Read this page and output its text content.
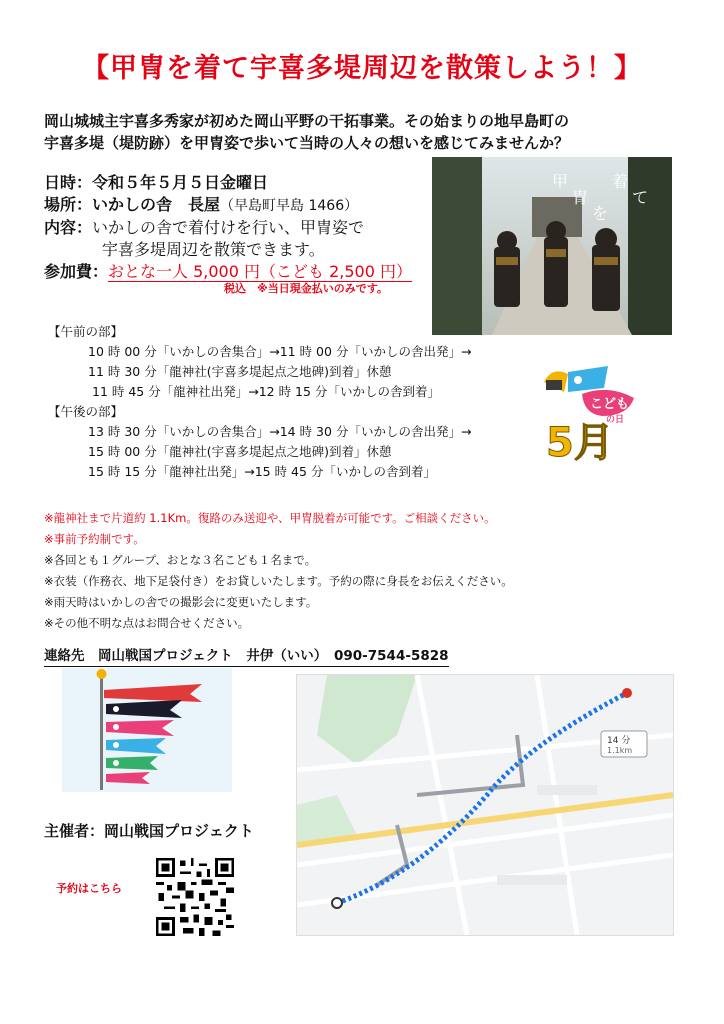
【甲冑を着て宇喜多堤周辺を散策しよう！】
岡山城城主宇喜多秀家が初めた岡山平野の干拓事業。その始まりの地早島町の
宇喜多堤（堤防跡）を甲冑姿で歩いて当時の人々の想いを感じてみませんか？
日時：令和５年５月５日金曜日
場所：いかしの舎　長屋（早島町早島 1466）
内容：いかしの舎で着付けを行い、甲冑姿で
宇喜多堤周辺を散策できます。
参加費：おとな一人 5,000 円（こども 2,500 円）
税込　※当日現金払いのみです。
甲
冑
を
着
て
【午前の部】
10 時 00 分「いかしの舎集合」→11 時 00 分「いかしの舎出発」→
11 時 30 分「龍神社(宇喜多堤起点之地碑)到着」休憩
11 時 45 分「龍神社出発」→12 時 15 分「いかしの舎到着」
【午後の部】
13 時 30 分「いかしの舎集合」→14 時 30 分「いかしの舎出発」→
15 時 00 分「龍神社(宇喜多堤起点之地碑)到着」休憩
15 時 15 分「龍神社出発」→15 時 45 分「いかしの舎到着」
こども
の日
5月
※龍神社まで片道約 1.1Km。復路のみ送迎や、甲冑脱着が可能です。ご相談ください。
※事前予約制です。
※各回とも１グループ、おとな３名こども１名まで。
※衣装（作務衣、地下足袋付き）をお貸しいたします。予約の際に身長をお伝えください。
※雨天時はいかしの舎での撮影会に変更いたします。
※その他不明な点はお問合せください。
連絡先　岡山戦国プロジェクト　井伊（いい）　090-7544-5828
14 分
1.1km
主催者：岡山戦国プロジェクト
予約はこちら
